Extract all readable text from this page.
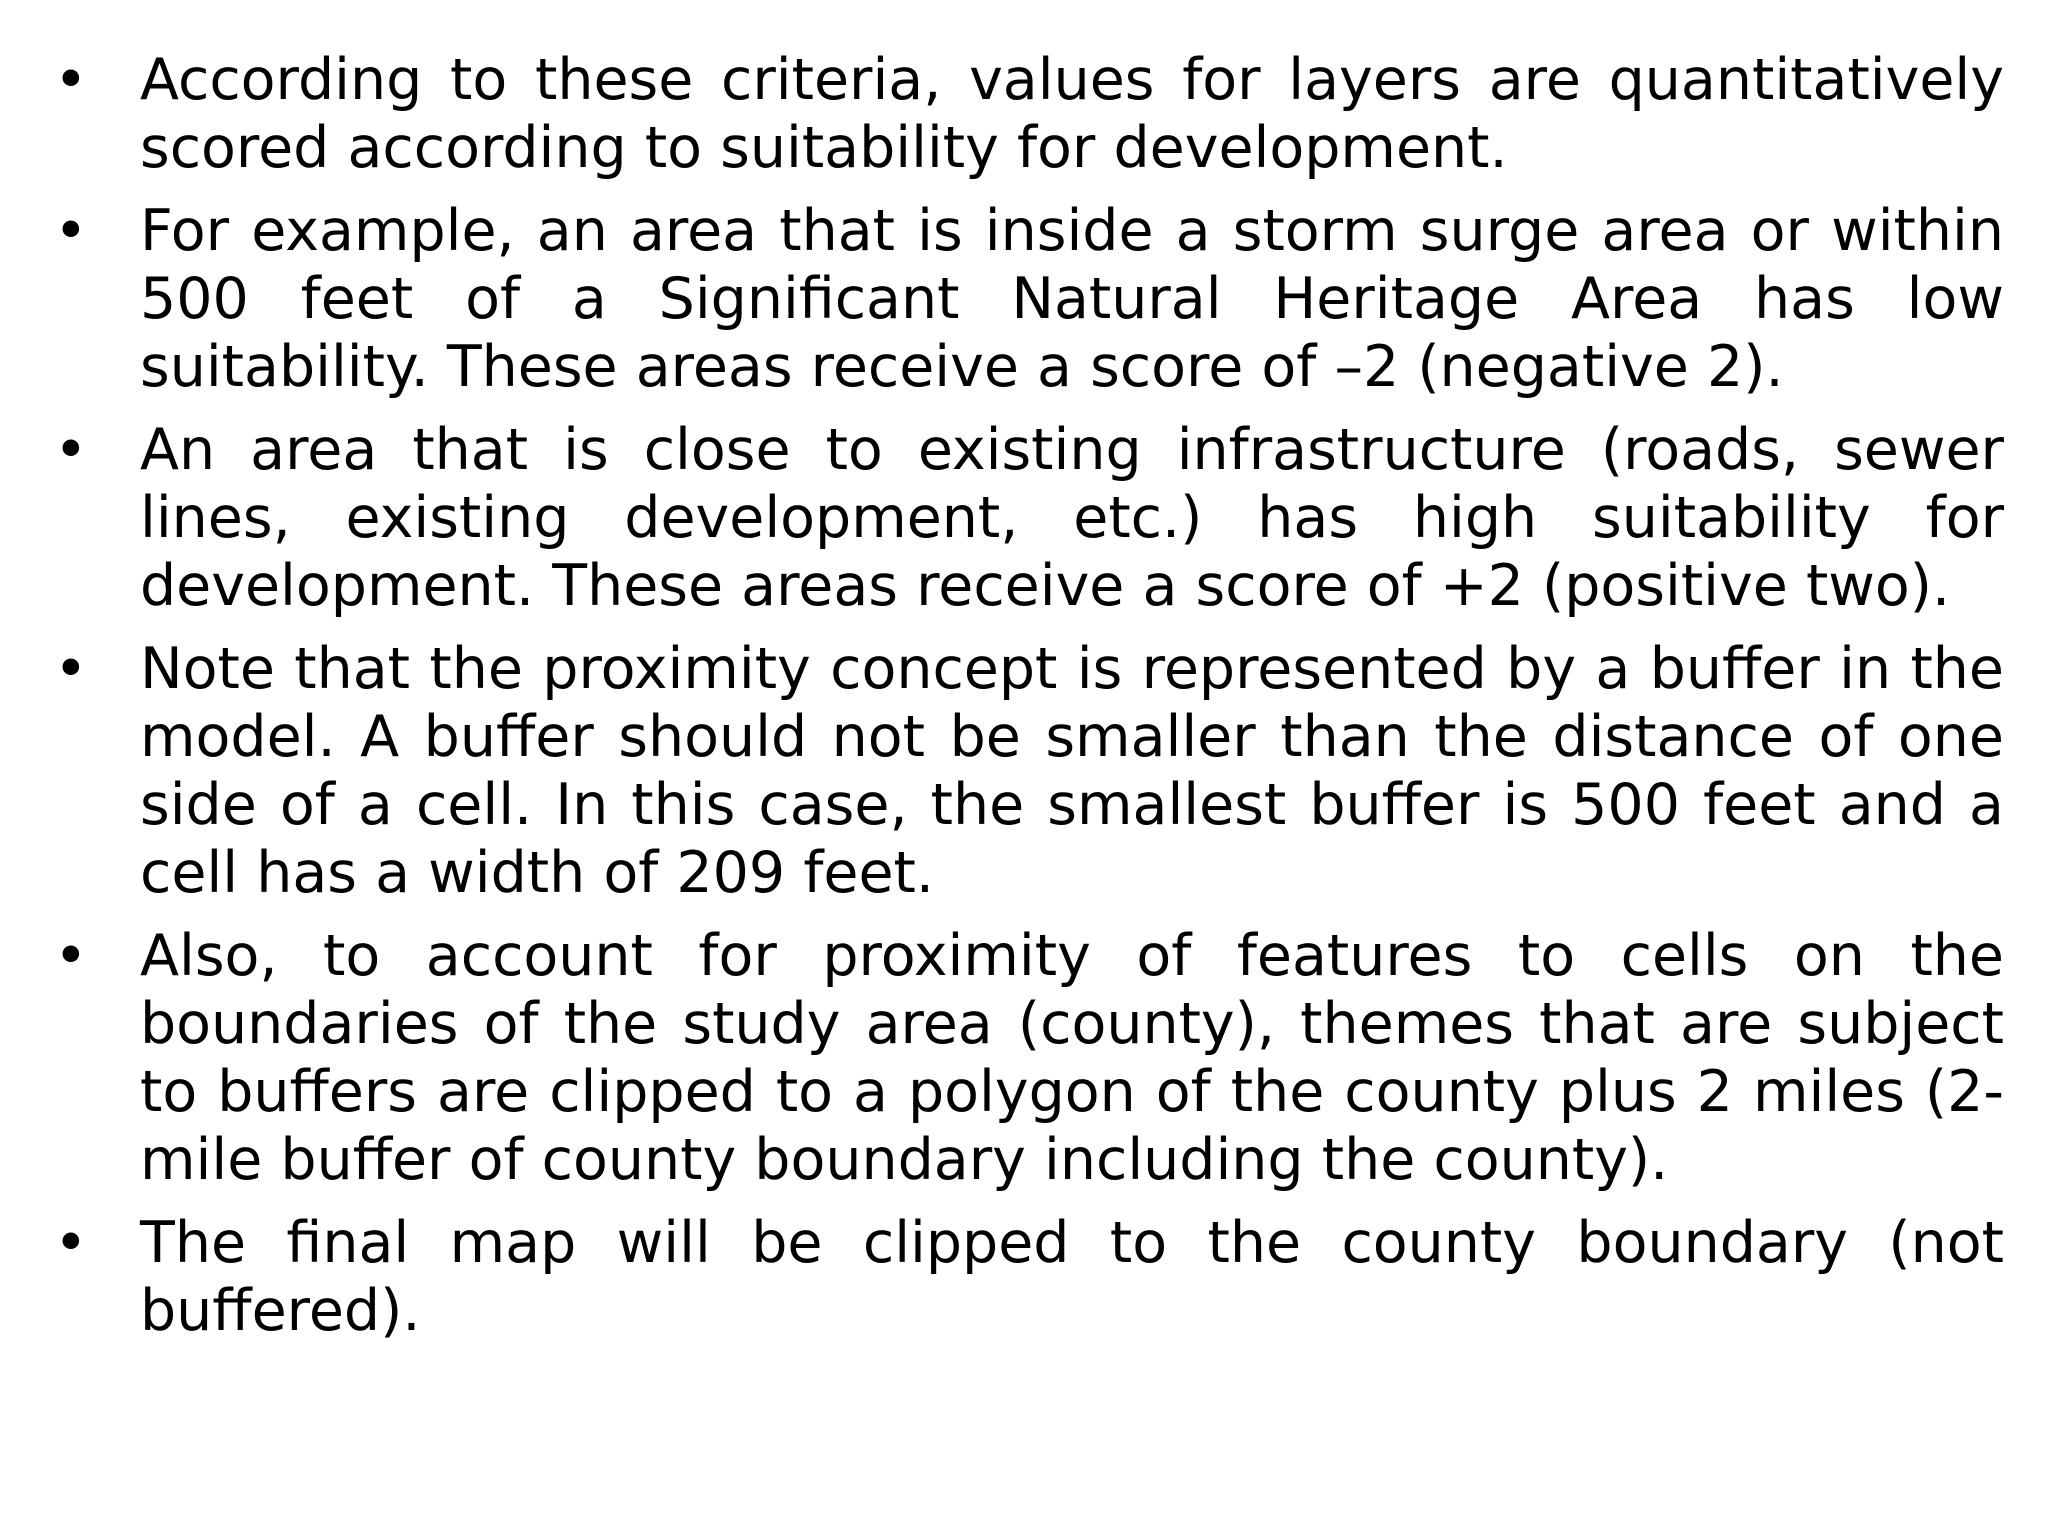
• According to these criteria, values for layers are quantitatively scored according to suitability for development.
• For example, an area that is inside a storm surge area or within 500 feet of a Significant Natural Heritage Area has low suitability. These areas receive a score of –2 (negative 2).
• An area that is close to existing infrastructure (roads, sewer lines, existing development, etc.) has high suitability for development. These areas receive a score of +2 (positive two).
• Note that the proximity concept is represented by a buffer in the model. A buffer should not be smaller than the distance of one side of a cell. In this case, the smallest buffer is 500 feet and a cell has a width of 209 feet.
• Also, to account for proximity of features to cells on the boundaries of the study area (county), themes that are subject to buffers are clipped to a polygon of the county plus 2 miles (2-mile buffer of county boundary including the county).
• The final map will be clipped to the county boundary (not buffered).
